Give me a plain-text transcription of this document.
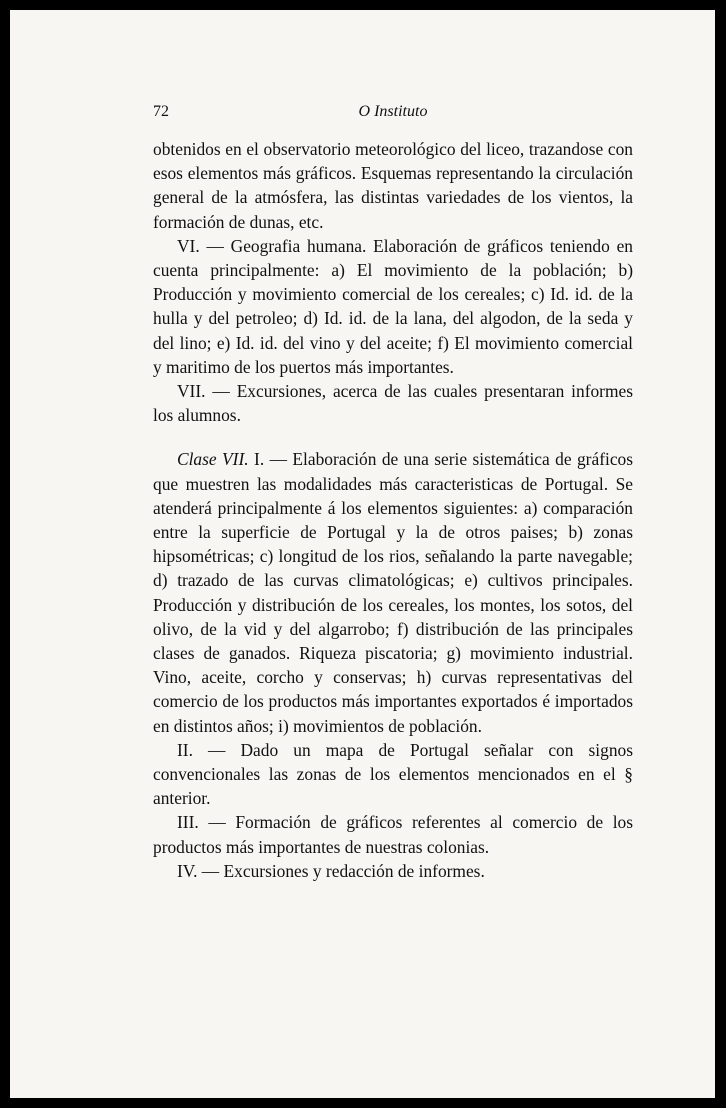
72	O Instituto

obtenidos en el observatorio meteorológico del liceo, trazandose con esos elementos más gráficos. Esquemas representando la circulación general de la atmósfera, las distintas variedades de los vientos, la formación de dunas, etc.

VI. — Geografia humana. Elaboración de gráficos teniendo en cuenta principalmente: a) El movimiento de la población; b) Producción y movimiento comercial de los cereales; c) Id. id. de la hulla y del petroleo; d) Id. id. de la lana, del algodon, de la seda y del lino; e) Id. id. del vino y del aceite; f) El movimiento comercial y maritimo de los puertos más importantes.

VII. — Excursiones, acerca de las cuales presentaran informes los alumnos.

Clase VII. I. — Elaboración de una serie sistemática de gráficos que muestren las modalidades más caracteristicas de Portugal. Se atenderá principalmente á los elementos siguientes: a) comparación entre la superficie de Portugal y la de otros paises; b) zonas hipsométricas; c) longitud de los rios, señalando la parte navegable; d) trazado de las curvas climatológicas; e) cultivos principales. Producción y distribución de los cereales, los montes, los sotos, del olivo, de la vid y del algarrobo; f) distribución de las principales clases de ganados. Riqueza piscatoria; g) movimiento industrial. Vino, aceite, corcho y conservas; h) curvas representativas del comercio de los productos más importantes exportados é importados en distintos años; i) movimientos de población.

II. — Dado un mapa de Portugal señalar con signos convencionales las zonas de los elementos mencionados en el § anterior.

III. — Formación de gráficos referentes al comercio de los productos más importantes de nuestras colonias.

IV. — Excursiones y redacción de informes.
